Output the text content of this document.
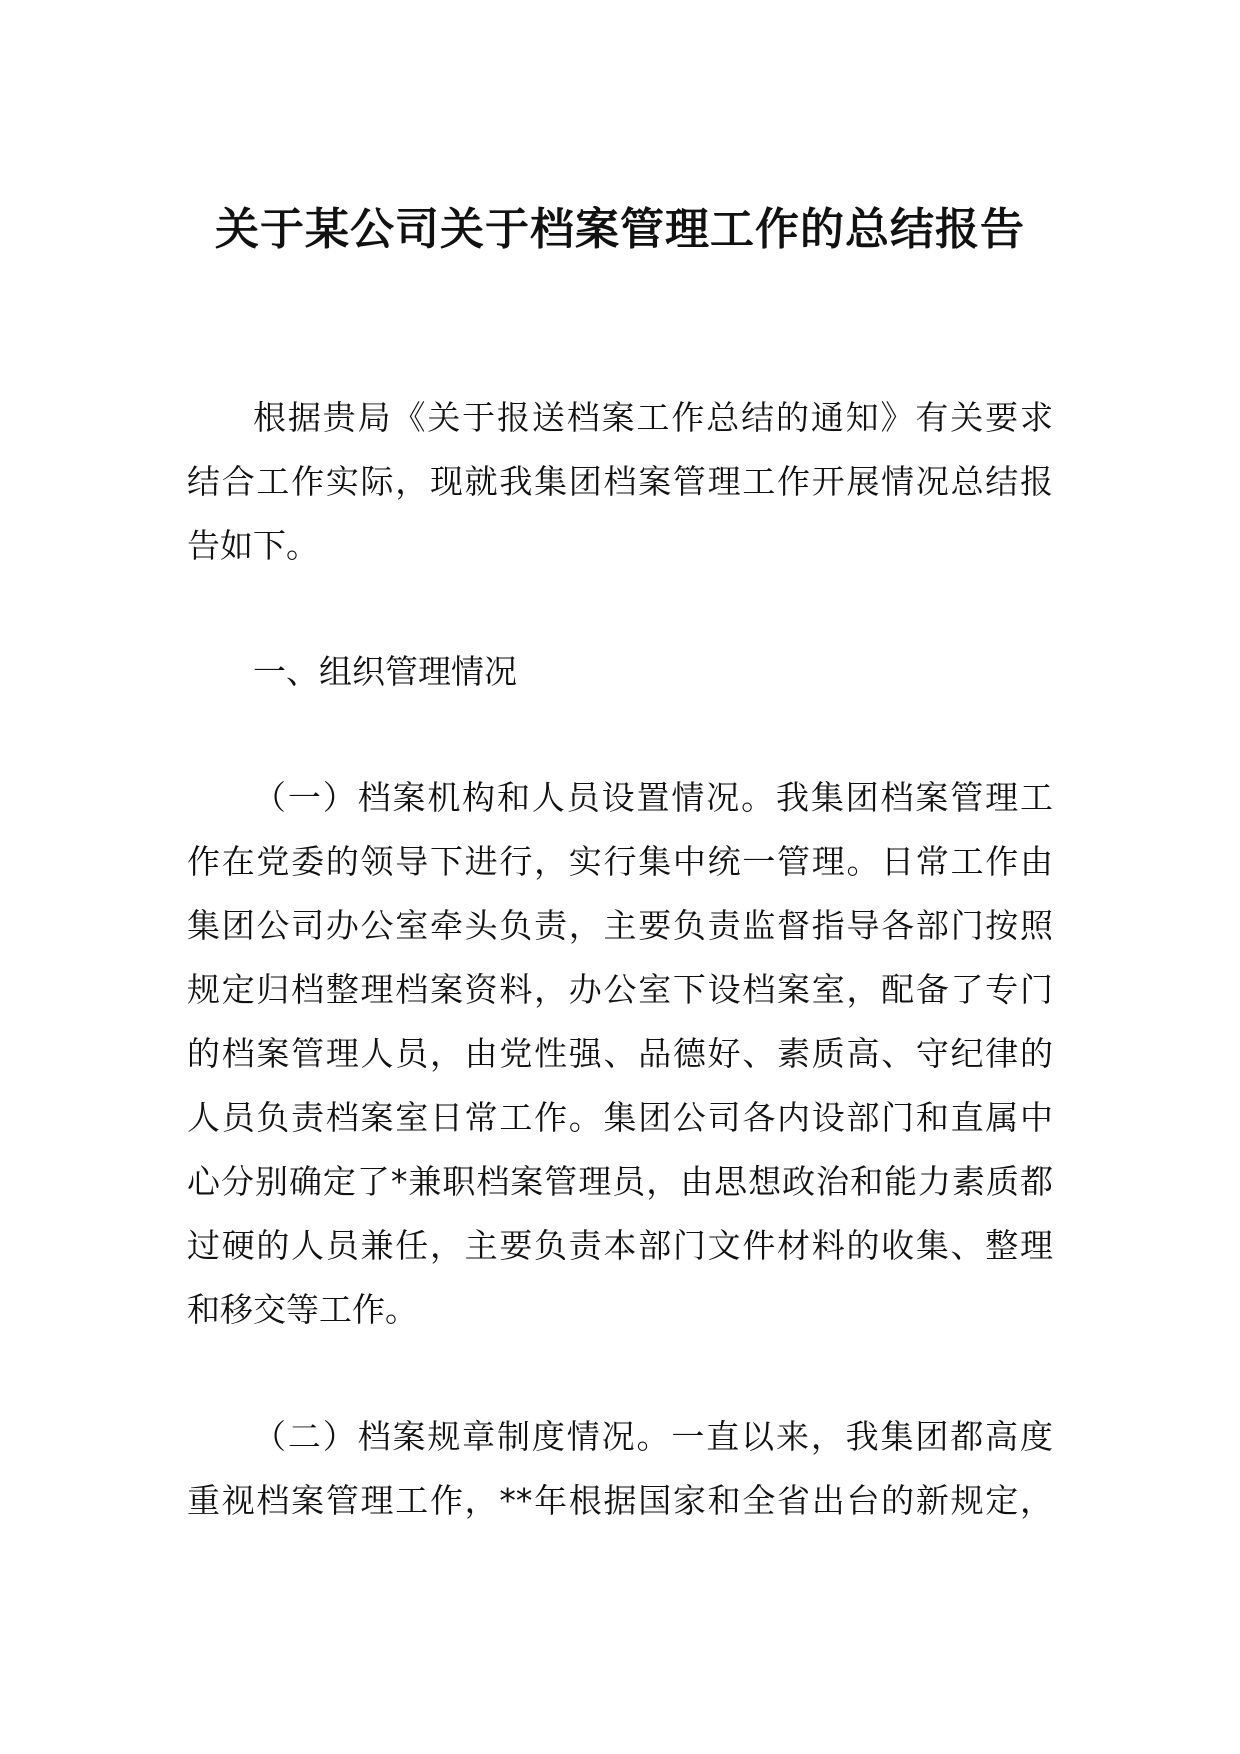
关于某公司关于档案管理工作的总结报告

根据贵局《关于报送档案工作总结的通知》有关要求

结合工作实际，现就我集团档案管理工作开展情况总结报

告如下。

一、组织管理情况

（一）档案机构和人员设置情况。我集团档案管理工

作在党委的领导下进行，实行集中统一管理。日常工作由

集团公司办公室牵头负责，主要负责监督指导各部门按照

规定归档整理档案资料，办公室下设档案室，配备了专门

的档案管理人员，由党性强、品德好、素质高、守纪律的

人员负责档案室日常工作。集团公司各内设部门和直属中

心分别确定了*兼职档案管理员，由思想政治和能力素质都

过硬的人员兼任，主要负责本部门文件材料的收集、整理

和移交等工作。

（二）档案规章制度情况。一直以来，我集团都高度

重视档案管理工作，**年根据国家和全省出台的新规定，
